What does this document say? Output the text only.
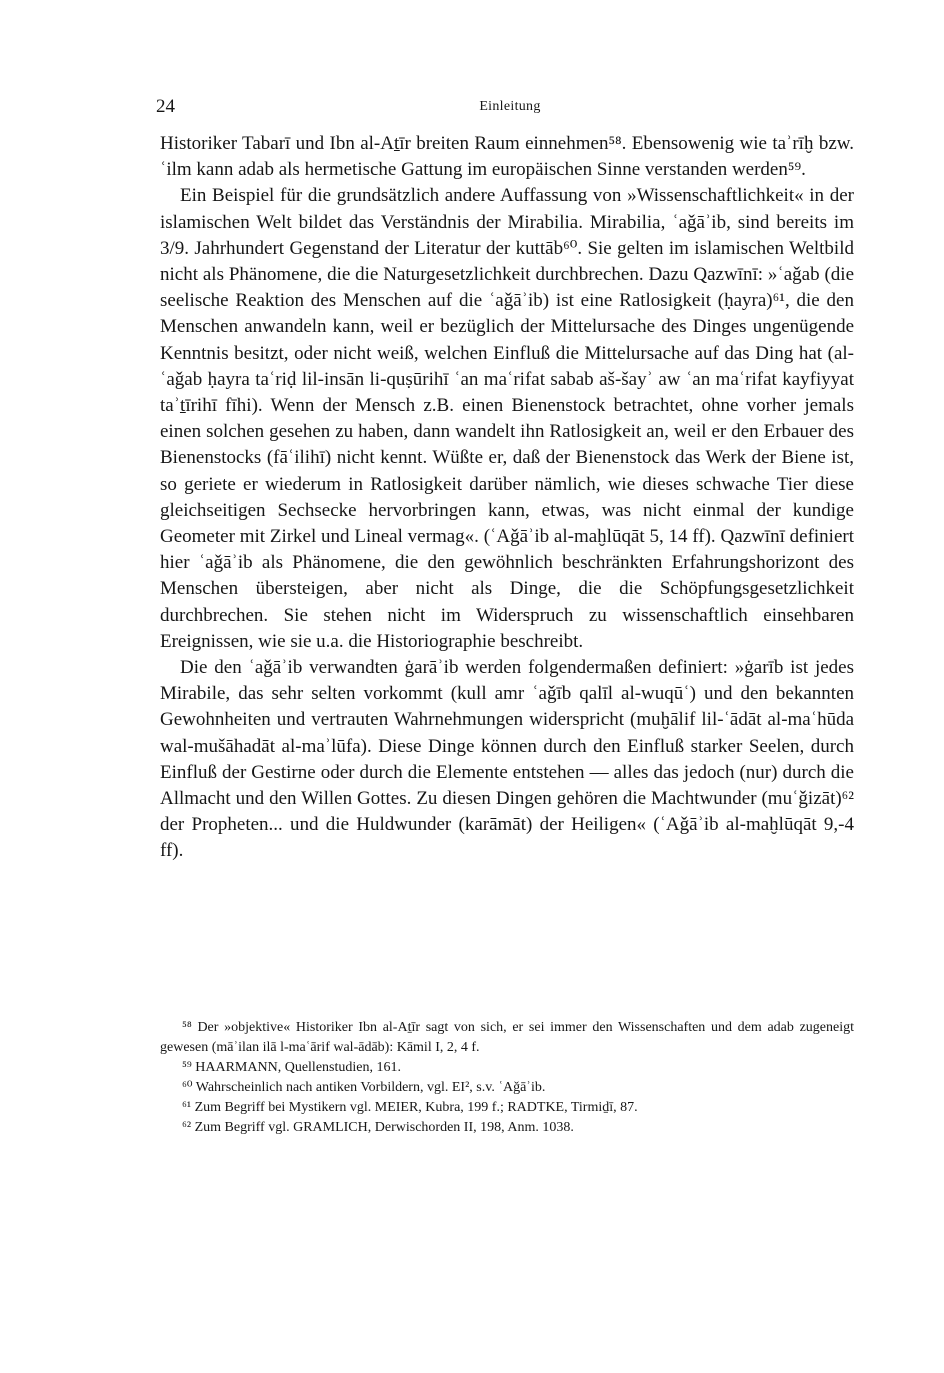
24	Einleitung

Historiker Tabarī und Ibn al-Aṯīr breiten Raum einnehmen⁵⁸. Ebensowenig wie taʾrīḫ bzw. ʿilm kann adab als hermetische Gattung im europäischen Sinne verstanden werden⁵⁹.

Ein Beispiel für die grundsätzlich andere Auffassung von »Wissenschaftlichkeit« in der islamischen Welt bildet das Verständnis der Mirabilia. Mirabilia, ʿaǧāʾib, sind bereits im 3/9. Jahrhundert Gegenstand der Literatur der kuttāb⁶⁰. Sie gelten im islamischen Weltbild nicht als Phänomene, die die Naturgesetzlichkeit durchbrechen. Dazu Qazwīnī: »ʿaǧab (die seelische Reaktion des Menschen auf die ʿaǧāʾib) ist eine Ratlosigkeit (ḥayra)⁶¹, die den Menschen anwandeln kann, weil er bezüglich der Mittelursache des Dinges ungenügende Kenntnis besitzt, oder nicht weiß, welchen Einfluß die Mittelursache auf das Ding hat (al-ʿaǧab ḥayra taʿriḍ lil-insān li-quṣūrihī ʿan maʿrifat sabab aš-šayʾ aw ʿan maʿrifat kayfiyyat taʾṯīrihī fīhi). Wenn der Mensch z.B. einen Bienenstock betrachtet, ohne vorher jemals einen solchen gesehen zu haben, dann wandelt ihn Ratlosigkeit an, weil er den Erbauer des Bienenstocks (fāʿilihī) nicht kennt. Wüßte er, daß der Bienenstock das Werk der Biene ist, so geriete er wiederum in Ratlosigkeit darüber nämlich, wie dieses schwache Tier diese gleichseitigen Sechsecke hervorbringen kann, etwas, was nicht einmal der kundige Geometer mit Zirkel und Lineal vermag«. (ʿAǧāʾib al-maḫlūqāt 5, 14 ff). Qazwīnī definiert hier ʿaǧāʾib als Phänomene, die den gewöhnlich beschränkten Erfahrungshorizont des Menschen übersteigen, aber nicht als Dinge, die die Schöpfungsgesetzlichkeit durchbrechen. Sie stehen nicht im Widerspruch zu wissenschaftlich einsehbaren Ereignissen, wie sie u.a. die Historiographie beschreibt.

Die den ʿaǧāʾib verwandten ġarāʾib werden folgendermaßen definiert: »ġarīb ist jedes Mirabile, das sehr selten vorkommt (kull amr ʿaǧīb qalīl al-wuqūʿ) und den bekannten Gewohnheiten und vertrauten Wahrnehmungen widerspricht (muḫālif lil-ʿādāt al-maʿhūda wal-mušāhadāt al-maʾlūfa). Diese Dinge können durch den Einfluß starker Seelen, durch Einfluß der Gestirne oder durch die Elemente entstehen — alles das jedoch (nur) durch die Allmacht und den Willen Gottes. Zu diesen Dingen gehören die Machtwunder (muʿǧizāt)⁶² der Propheten... und die Huldwunder (karāmāt) der Heiligen« (ʿAǧāʾib al-maḫlūqāt 9,-4 ff).

⁵⁸ Der »objektive« Historiker Ibn al-Aṯīr sagt von sich, er sei immer den Wissenschaften und dem adab zugeneigt gewesen (māʾilan ilā l-maʿārif wal-ādāb): Kāmil I, 2, 4 f.

⁵⁹ HAARMANN, Quellenstudien, 161.

⁶⁰ Wahrscheinlich nach antiken Vorbildern, vgl. EI², s.v. ʿAǧāʾib.

⁶¹ Zum Begriff bei Mystikern vgl. MEIER, Kubra, 199 f.; RADTKE, Tirmiḏī, 87.

⁶² Zum Begriff vgl. GRAMLICH, Derwischorden II, 198, Anm. 1038.
